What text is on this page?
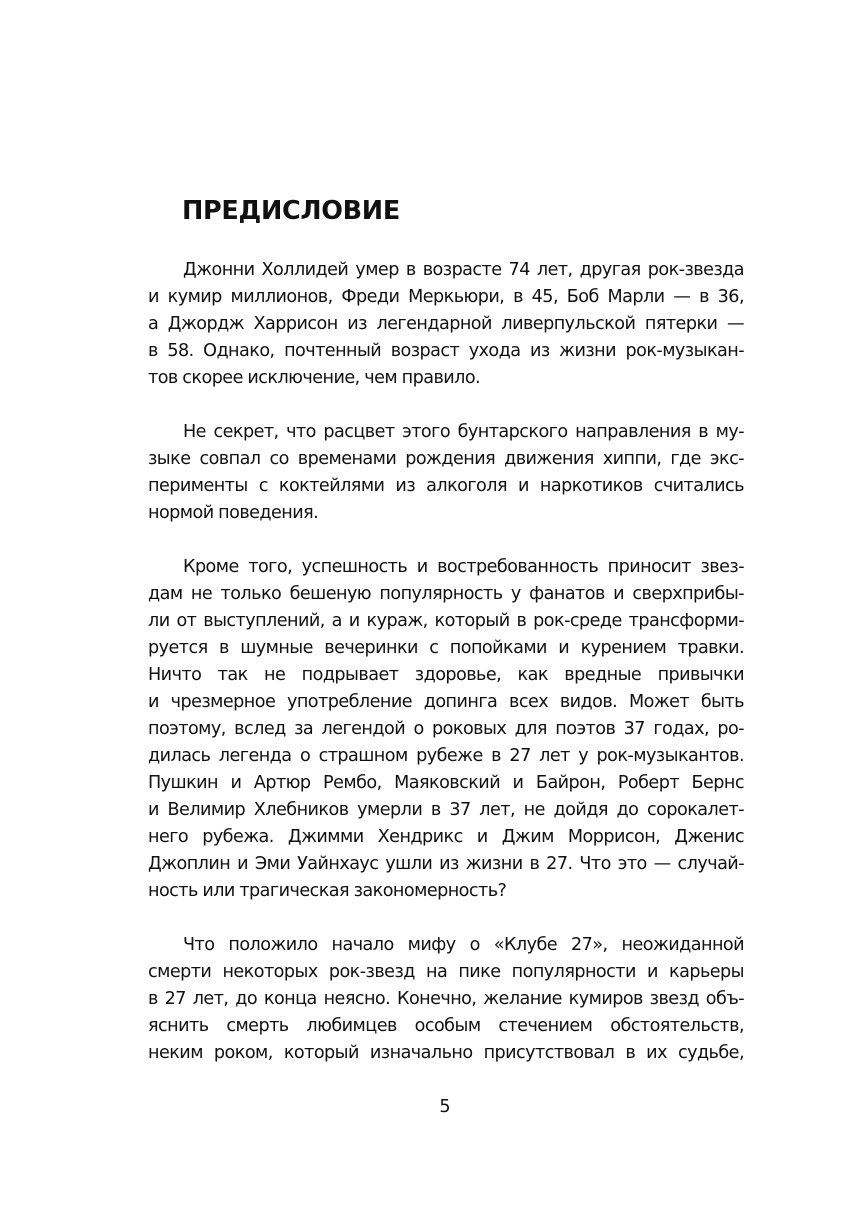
ПРЕДИСЛОВИЕ
Джонни Холлидей умер в возрасте 74 лет, другая рок-звезда
и кумир миллионов, Фреди Меркьюри, в 45, Боб Марли — в 36,
а Джордж Харрисон из легендарной ливерпульской пятерки —
в 58. Однако, почтенный возраст ухода из жизни рок-музыкан-
тов скорее исключение, чем правило.
Не секрет, что расцвет этого бунтарского направления в му-
зыке совпал со временами рождения движения хиппи, где экс-
перименты с коктейлями из алкоголя и наркотиков считались
нормой поведения.
Кроме того, успешность и востребованность приносит звез-
дам не только бешеную популярность у фанатов и сверхприбы-
ли от выступлений, а и кураж, который в рок-среде трансформи-
руется в шумные вечеринки с попойками и курением травки.
Ничто так не подрывает здоровье, как вредные привычки
и чрезмерное употребление допинга всех видов. Может быть
поэтому, вслед за легендой о роковых для поэтов 37 годах, ро-
дилась легенда о страшном рубеже в 27 лет у рок-музыкантов.
Пушкин и Артюр Рембо, Маяковский и Байрон, Роберт Бернс
и Велимир Хлебников умерли в 37 лет, не дойдя до сорокалет-
него рубежа. Джимми Хендрикс и Джим Моррисон, Дженис
Джоплин и Эми Уайнхаус ушли из жизни в 27. Что это — случай-
ность или трагическая закономерность?
Что положило начало мифу о «Клубе 27», неожиданной
смерти некоторых рок-звезд на пике популярности и карьеры
в 27 лет, до конца неясно. Конечно, желание кумиров звезд объ-
яснить смерть любимцев особым стечением обстоятельств,
неким роком, который изначально присутствовал в их судьбе,
5
